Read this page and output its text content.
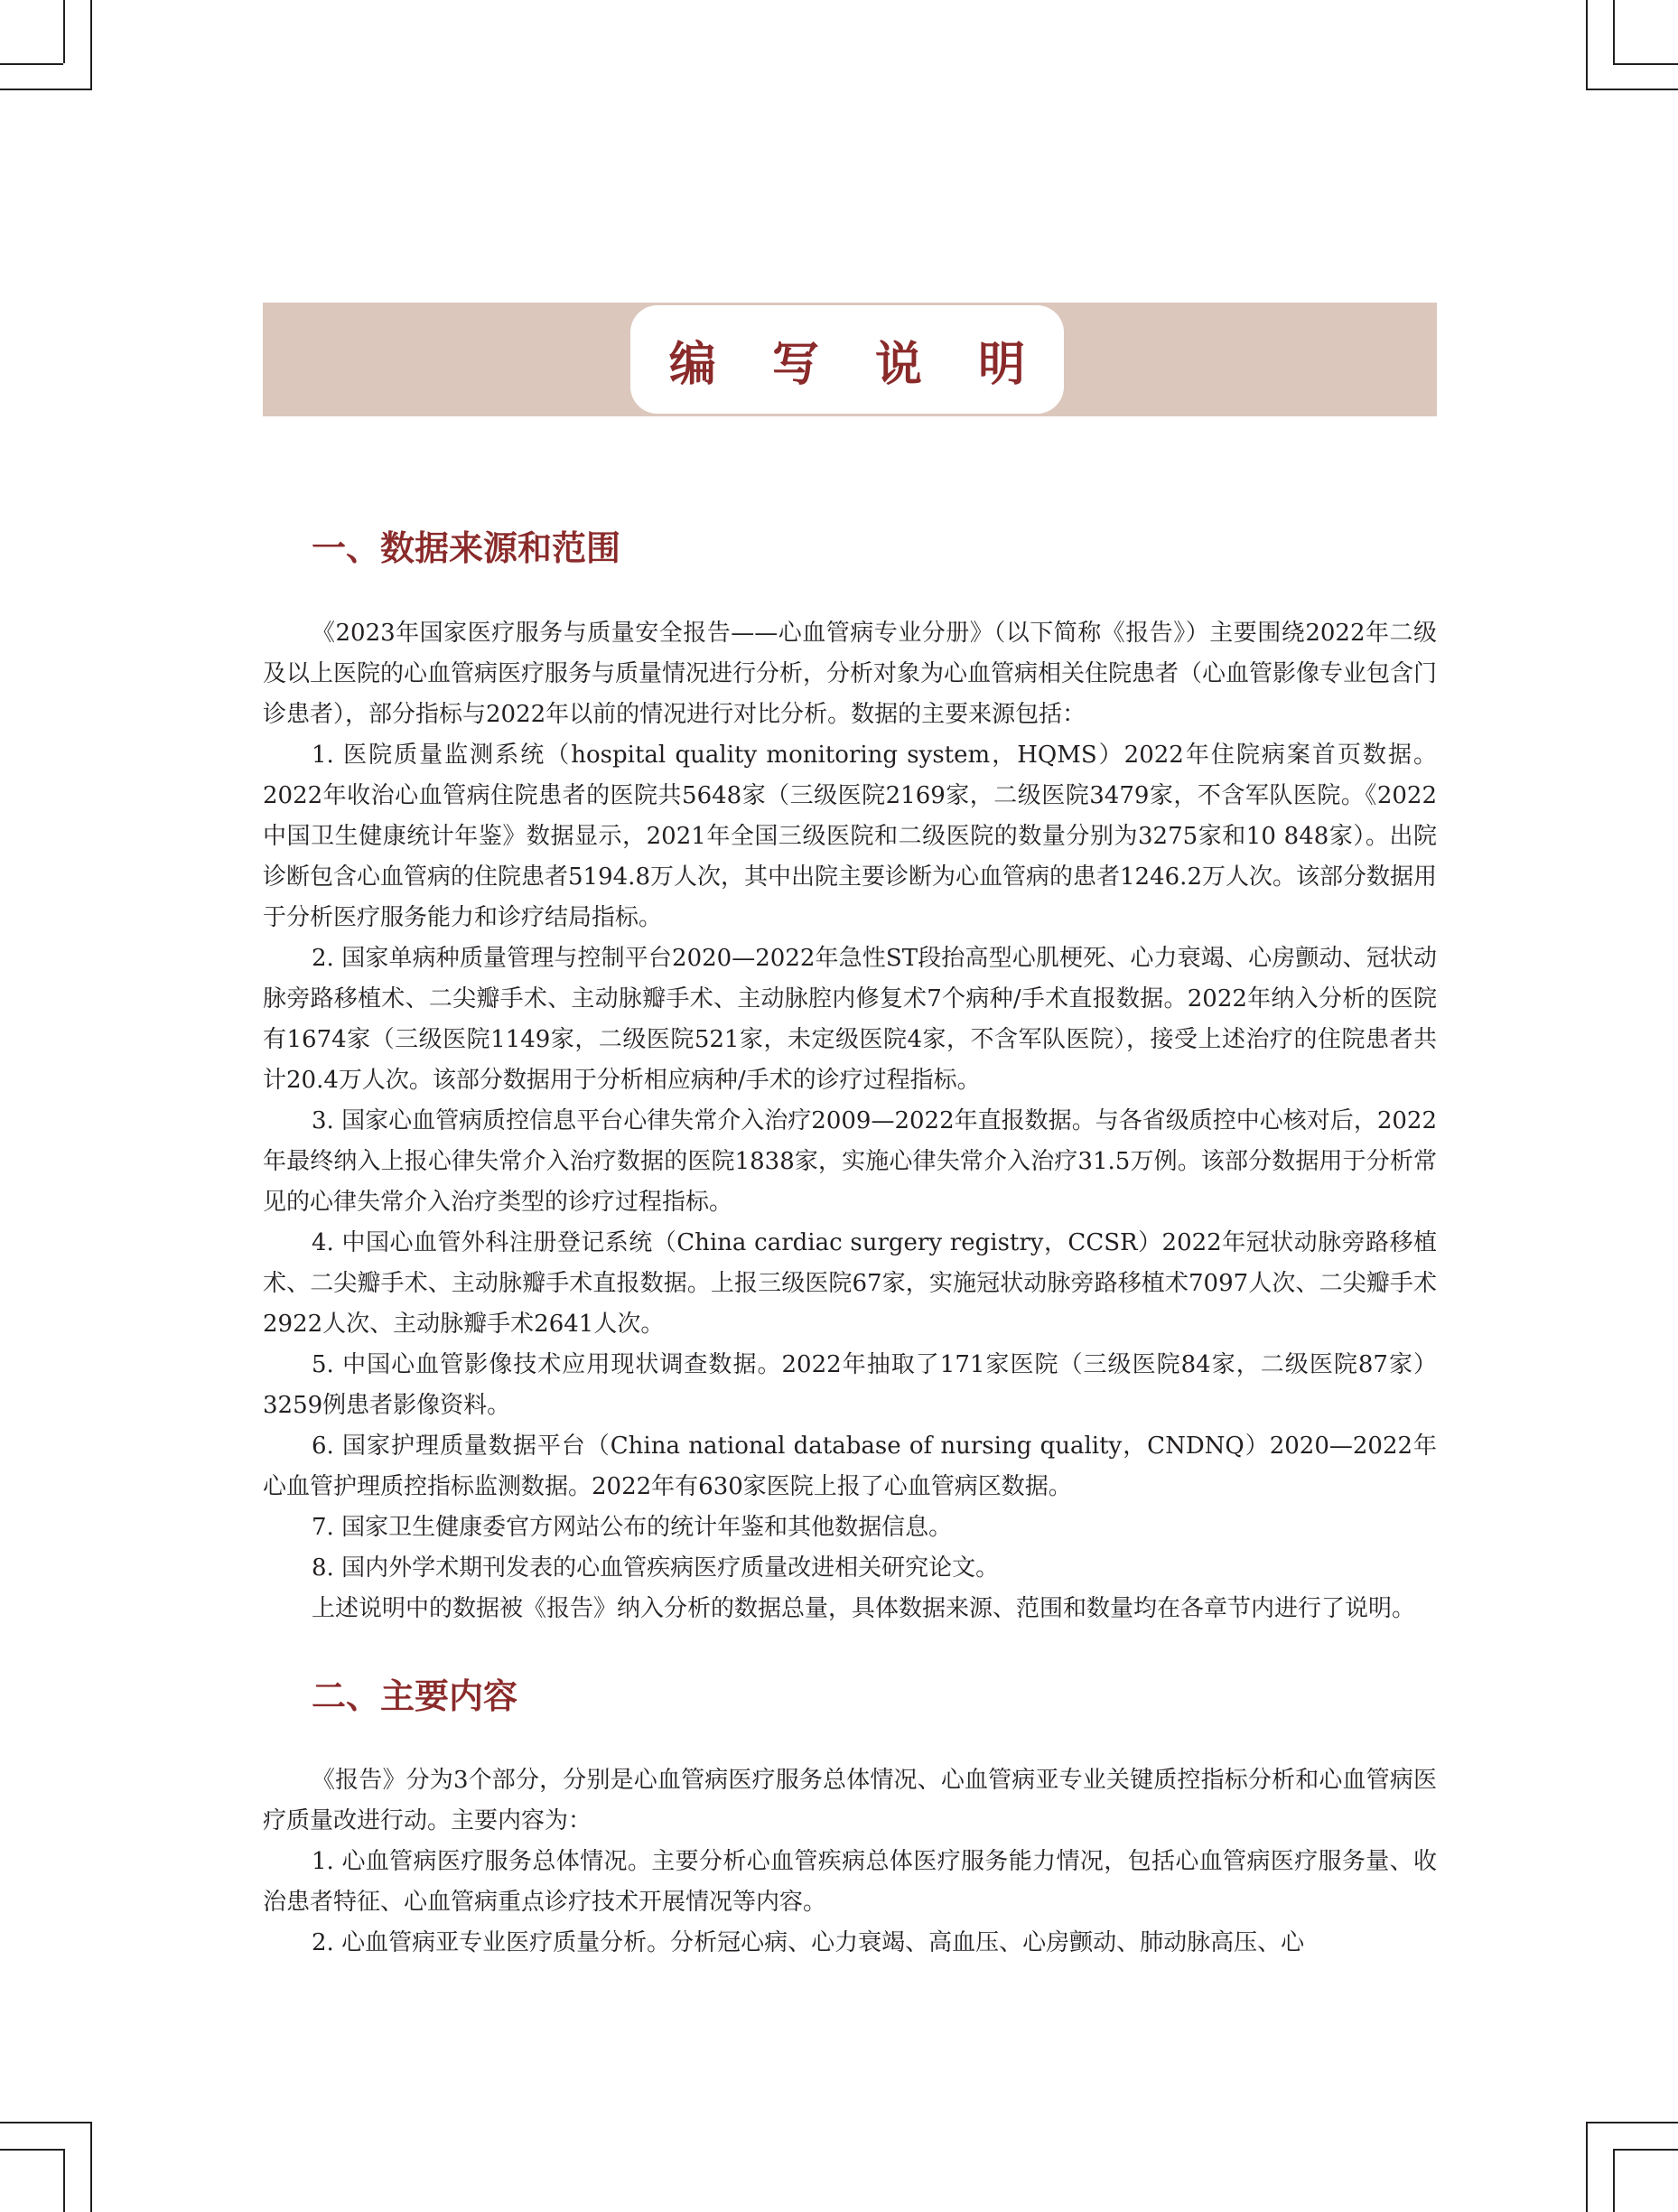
编 写 说 明
一、数据来源和范围

《2023年国家医疗服务与质量安全报告——心血管病专业分册》（以下简称《报告》）主要围绕2022年二级及以上医院的心血管病医疗服务与质量情况进行分析，分析对象为心血管病相关住院患者（心血管影像专业包含门诊患者），部分指标与2022年以前的情况进行对比分析。数据的主要来源包括：

1. 医院质量监测系统（hospital quality monitoring system，HQMS）2022年住院病案首页数据。2022年收治心血管病住院患者的医院共5648家（三级医院2169家，二级医院3479家，不含军队医院。《2022中国卫生健康统计年鉴》数据显示，2021年全国三级医院和二级医院的数量分别为3275家和10 848家）。出院诊断包含心血管病的住院患者5194.8万人次，其中出院主要诊断为心血管病的患者1246.2万人次。该部分数据用于分析医疗服务能力和诊疗结局指标。

2. 国家单病种质量管理与控制平台2020—2022年急性ST段抬高型心肌梗死、心力衰竭、心房颤动、冠状动脉旁路移植术、二尖瓣手术、主动脉瓣手术、主动脉腔内修复术7个病种/手术直报数据。2022年纳入分析的医院有1674家（三级医院1149家，二级医院521家，未定级医院4家，不含军队医院），接受上述治疗的住院患者共计20.4万人次。该部分数据用于分析相应病种/手术的诊疗过程指标。

3. 国家心血管病质控信息平台心律失常介入治疗2009—2022年直报数据。与各省级质控中心核对后，2022年最终纳入上报心律失常介入治疗数据的医院1838家，实施心律失常介入治疗31.5万例。该部分数据用于分析常见的心律失常介入治疗类型的诊疗过程指标。

4. 中国心血管外科注册登记系统（China cardiac surgery registry，CCSR）2022年冠状动脉旁路移植术、二尖瓣手术、主动脉瓣手术直报数据。上报三级医院67家，实施冠状动脉旁路移植术7097人次、二尖瓣手术2922人次、主动脉瓣手术2641人次。

5. 中国心血管影像技术应用现状调查数据。2022年抽取了171家医院（三级医院84家，二级医院87家）3259例患者影像资料。

6. 国家护理质量数据平台（China national database of nursing quality，CNDNQ）2020—2022年心血管护理质控指标监测数据。2022年有630家医院上报了心血管病区数据。

7. 国家卫生健康委官方网站公布的统计年鉴和其他数据信息。

8. 国内外学术期刊发表的心血管疾病医疗质量改进相关研究论文。

上述说明中的数据被《报告》纳入分析的数据总量，具体数据来源、范围和数量均在各章节内进行了说明。

二、主要内容

《报告》分为3个部分，分别是心血管病医疗服务总体情况、心血管病亚专业关键质控指标分析和心血管病医疗质量改进行动。主要内容为：

1. 心血管病医疗服务总体情况。主要分析心血管疾病总体医疗服务能力情况，包括心血管病医疗服务量、收治患者特征、心血管病重点诊疗技术开展情况等内容。

2. 心血管病亚专业医疗质量分析。分析冠心病、心力衰竭、高血压、心房颤动、肺动脉高压、心
